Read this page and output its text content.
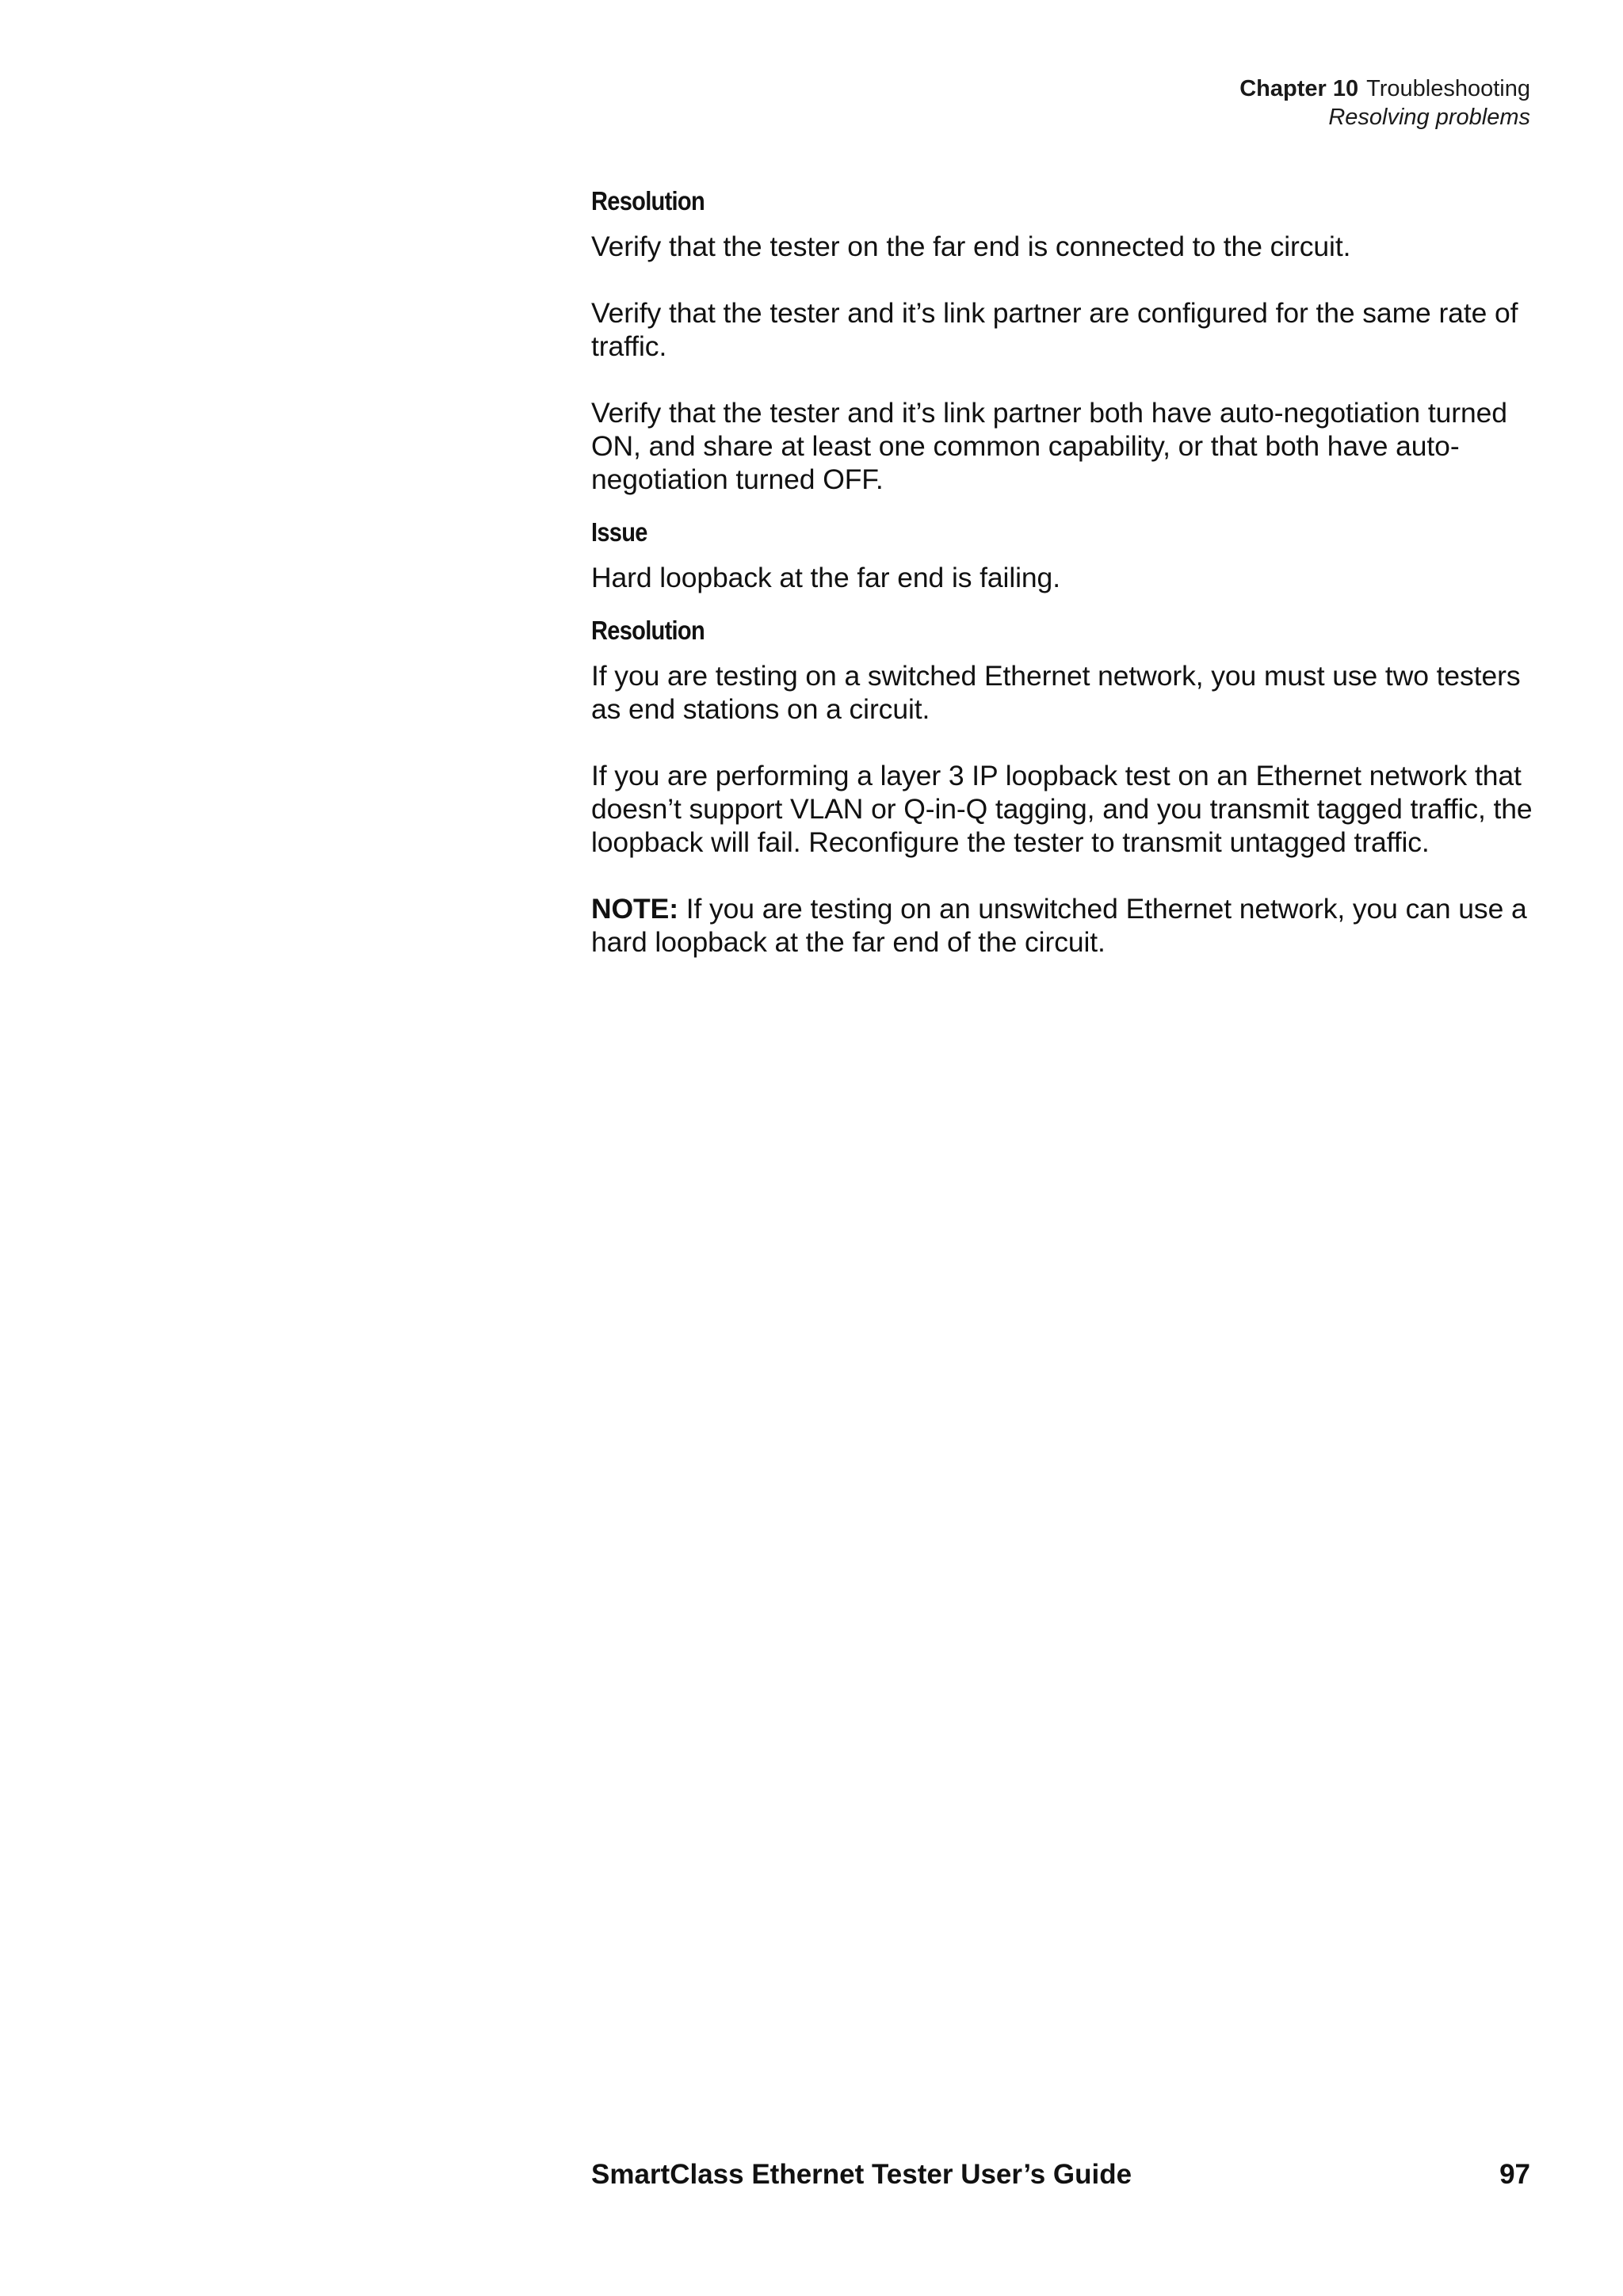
Chapter 10 Troubleshooting
Resolving problems
Resolution
Verify that the tester on the far end is connected to the circuit.
Verify that the tester and it’s link partner are configured for the same rate of traffic.
Verify that the tester and it’s link partner both have auto-negotiation turned ON, and share at least one common capability, or that both have auto-negotiation turned OFF.
Issue
Hard loopback at the far end is failing.
Resolution
If you are testing on a switched Ethernet network, you must use two testers as end stations on a circuit.
If you are performing a layer 3 IP loopback test on an Ethernet network that doesn’t support VLAN or Q-in-Q tagging, and you transmit tagged traffic, the loopback will fail. Reconfigure the tester to transmit untagged traffic.
NOTE: If you are testing on an unswitched Ethernet network, you can use a hard loopback at the far end of the circuit.
SmartClass Ethernet Tester User’s Guide	97
